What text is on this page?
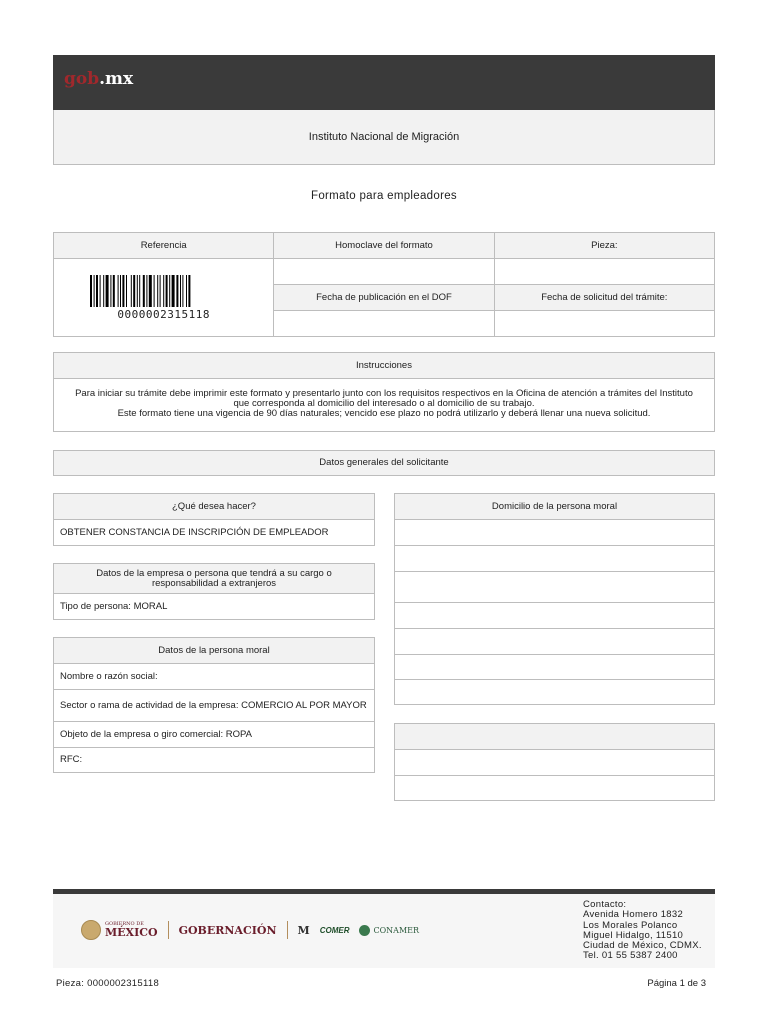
gob.mx
Instituto Nacional de Migración
Formato para empleadores
Referencia	Homoclave del formato	Pieza:

0000002315118		

	Fecha de publicación en el DOF	Fecha de solicitud del trámite:

Instrucciones
Para iniciar su trámite debe imprimir este formato y presentarlo junto con los requisitos respectivos en la Oficina de atención a trámites del Instituto que corresponda al domicilio del interesado o al domicilio de su trabajo.
Este formato tiene una vigencia de 90 días naturales; vencido ese plazo no podrá utilizarlo y deberá llenar una nueva solicitud.
Datos generales del solicitante
¿Qué desea hacer?
OBTENER CONSTANCIA DE INSCRIPCIÓN DE EMPLEADOR
Datos de la empresa o persona que tendrá a su cargo o responsabilidad a extranjeros
Tipo de persona: MORAL
Datos de la persona moral
Nombre o razón social:
Sector o rama de actividad de la empresa: COMERCIO AL POR MAYOR
Objeto de la empresa o giro comercial: ROPA
RFC:
Domicilio de la persona moral
GOBIERNO DE
MÉXICO GOBERNACIÓN M COMER	CONAMER
Contacto:
Avenida Homero 1832
Los Morales Polanco
Miguel Hidalgo, 11510
Ciudad de México, CDMX.
Tel. 01 55 5387 2400
Pieza: 0000002315118	Página 1 de 3
